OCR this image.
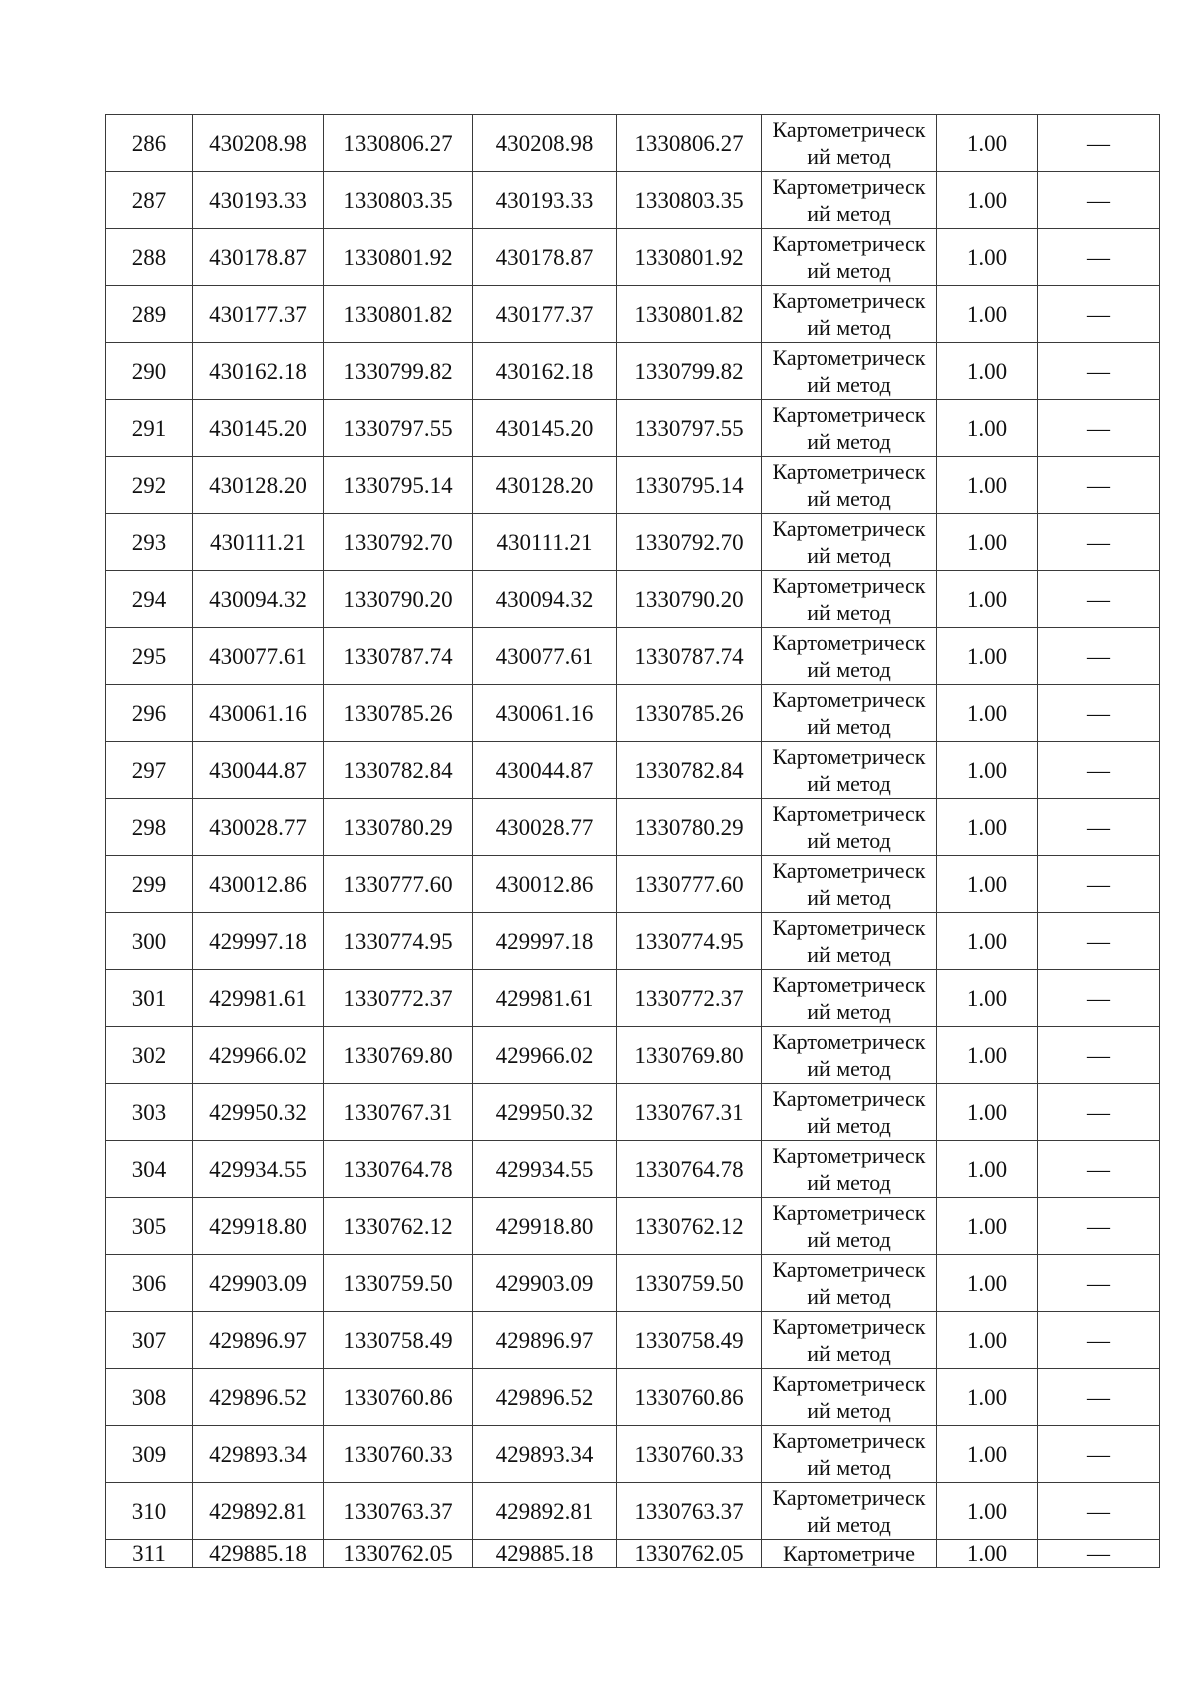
286	430208.98	1330806.27	430208.98	1330806.27	Картометрический метод	1.00	—
287	430193.33	1330803.35	430193.33	1330803.35	Картометрический метод	1.00	—
288	430178.87	1330801.92	430178.87	1330801.92	Картометрический метод	1.00	—
289	430177.37	1330801.82	430177.37	1330801.82	Картометрический метод	1.00	—
290	430162.18	1330799.82	430162.18	1330799.82	Картометрический метод	1.00	—
291	430145.20	1330797.55	430145.20	1330797.55	Картометрический метод	1.00	—
292	430128.20	1330795.14	430128.20	1330795.14	Картометрический метод	1.00	—
293	430111.21	1330792.70	430111.21	1330792.70	Картометрический метод	1.00	—
294	430094.32	1330790.20	430094.32	1330790.20	Картометрический метод	1.00	—
295	430077.61	1330787.74	430077.61	1330787.74	Картометрический метод	1.00	—
296	430061.16	1330785.26	430061.16	1330785.26	Картометрический метод	1.00	—
297	430044.87	1330782.84	430044.87	1330782.84	Картометрический метод	1.00	—
298	430028.77	1330780.29	430028.77	1330780.29	Картометрический метод	1.00	—
299	430012.86	1330777.60	430012.86	1330777.60	Картометрический метод	1.00	—
300	429997.18	1330774.95	429997.18	1330774.95	Картометрический метод	1.00	—
301	429981.61	1330772.37	429981.61	1330772.37	Картометрический метод	1.00	—
302	429966.02	1330769.80	429966.02	1330769.80	Картометрический метод	1.00	—
303	429950.32	1330767.31	429950.32	1330767.31	Картометрический метод	1.00	—
304	429934.55	1330764.78	429934.55	1330764.78	Картометрический метод	1.00	—
305	429918.80	1330762.12	429918.80	1330762.12	Картометрический метод	1.00	—
306	429903.09	1330759.50	429903.09	1330759.50	Картометрический метод	1.00	—
307	429896.97	1330758.49	429896.97	1330758.49	Картометрический метод	1.00	—
308	429896.52	1330760.86	429896.52	1330760.86	Картометрический метод	1.00	—
309	429893.34	1330760.33	429893.34	1330760.33	Картометрический метод	1.00	—
310	429892.81	1330763.37	429892.81	1330763.37	Картометрический метод	1.00	—
311	429885.18	1330762.05	429885.18	1330762.05	Картометриче	1.00	—
